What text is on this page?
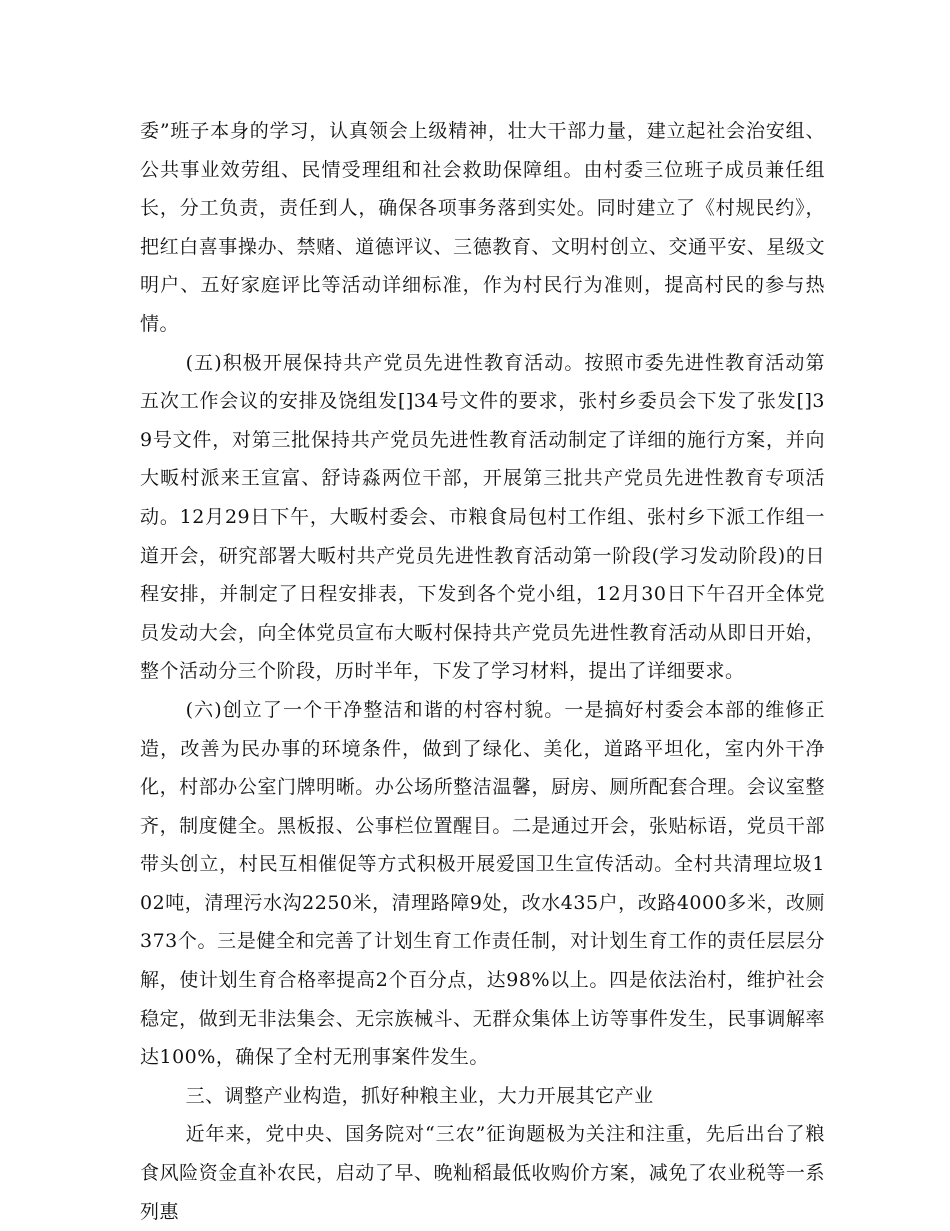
委”班子本身的学习，认真领会上级精神，壮大干部力量，建立起社会治安组、公共事业效劳组、民情受理组和社会救助保障组。由村委三位班子成员兼任组长，分工负责，责任到人，确保各项事务落到实处。同时建立了《村规民约》，把红白喜事操办、禁赌、道德评议、三德教育、文明村创立、交通平安、星级文明户、五好家庭评比等活动详细标准，作为村民行为准则，提高村民的参与热情。

(五)积极开展保持共产党员先进性教育活动。按照市委先进性教育活动第五次工作会议的安排及饶组发[]34号文件的要求，张村乡委员会下发了张发[]39号文件，对第三批保持共产党员先进性教育活动制定了详细的施行方案，并向大畈村派来王宣富、舒诗淼两位干部，开展第三批共产党员先进性教育专项活动。12月29日下午，大畈村委会、市粮食局包村工作组、张村乡下派工作组一道开会，研究部署大畈村共产党员先进性教育活动第一阶段(学习发动阶段)的日程安排，并制定了日程安排表，下发到各个党小组，12月30日下午召开全体党员发动大会，向全体党员宣布大畈村保持共产党员先进性教育活动从即日开始，整个活动分三个阶段，历时半年，下发了学习材料，提出了详细要求。

(六)创立了一个干净整洁和谐的村容村貌。一是搞好村委会本部的维修正造，改善为民办事的环境条件，做到了绿化、美化，道路平坦化，室内外干净化，村部办公室门牌明晰。办公场所整洁温馨，厨房、厕所配套合理。会议室整齐，制度健全。黑板报、公事栏位置醒目。二是通过开会，张贴标语，党员干部带头创立，村民互相催促等方式积极开展爱国卫生宣传活动。全村共清理垃圾102吨，清理污水沟2250米，清理路障9处，改水435户，改路4000多米，改厕373个。三是健全和完善了计划生育工作责任制，对计划生育工作的责任层层分解，使计划生育合格率提高2个百分点，达98%以上。四是依法治村，维护社会稳定，做到无非法集会、无宗族械斗、无群众集体上访等事件发生，民事调解率达100%，确保了全村无刑事案件发生。

三、调整产业构造，抓好种粮主业，大力开展其它产业

近年来，党中央、国务院对“三农”征询题极为关注和注重，先后出台了粮食风险资金直补农民，启动了早、晚籼稻最低收购价方案，减免了农业税等一系列惠
